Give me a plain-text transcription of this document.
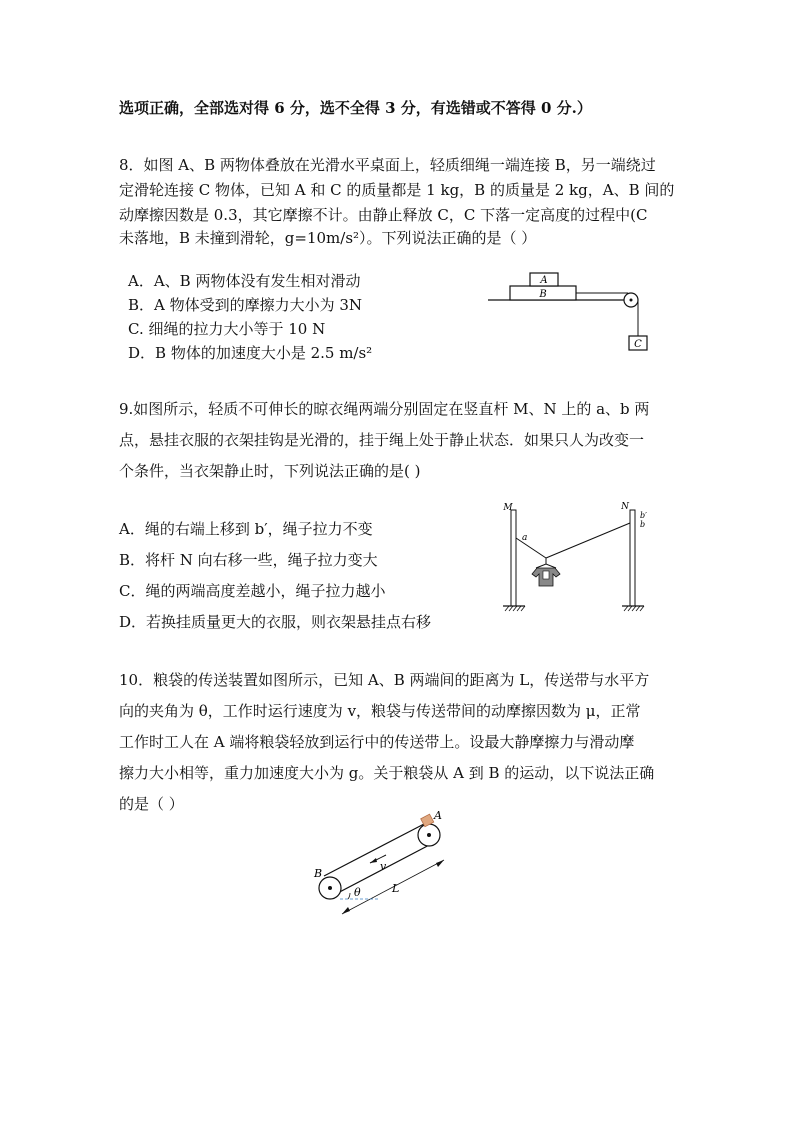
选项正确，全部选对得 6 分，选不全得 3 分，有选错或不答得 0 分.）
8．如图 A、B 两物体叠放在光滑水平桌面上，轻质细绳一端连接 B，另一端绕过
定滑轮连接 C 物体，已知 A 和 C 的质量都是 1 kg，B 的质量是 2 kg，A、B 间的
动摩擦因数是 0.3，其它摩擦不计。由静止释放 C，C 下落一定高度的过程中(C
未落地，B 未撞到滑轮，g=10m/s²）。下列说法正确的是（ ）
A．A、B 两物体没有发生相对滑动
B．A 物体受到的摩擦力大小为 3N
C. 细绳的拉力大小等于 10 N
D．B 物体的加速度大小是 2.5 m/s²
A
B
C
9.如图所示，轻质不可伸长的晾衣绳两端分别固定在竖直杆 M、N 上的 a、b 两
点，悬挂衣服的衣架挂钩是光滑的，挂于绳上处于静止状态．如果只人为改变一
个条件，当衣架静止时，下列说法正确的是( )
A．绳的右端上移到 b′，绳子拉力不变
B．将杆 N 向右移一些，绳子拉力变大
C．绳的两端高度差越小，绳子拉力越小
D．若换挂质量更大的衣服，则衣架悬挂点右移
M	N
b′
b
a
10．粮袋的传送装置如图所示，已知 A、B 两端间的距离为 L，传送带与水平方
向的夹角为 θ，工作时运行速度为 v，粮袋与传送带间的动摩擦因数为 μ，正常
工作时工人在 A 端将粮袋轻放到运行中的传送带上。设最大静摩擦力与滑动摩
擦力大小相等，重力加速度大小为 g。关于粮袋从 A 到 B 的运动，以下说法正确
的是（ ）
A
B
v
L
θ
